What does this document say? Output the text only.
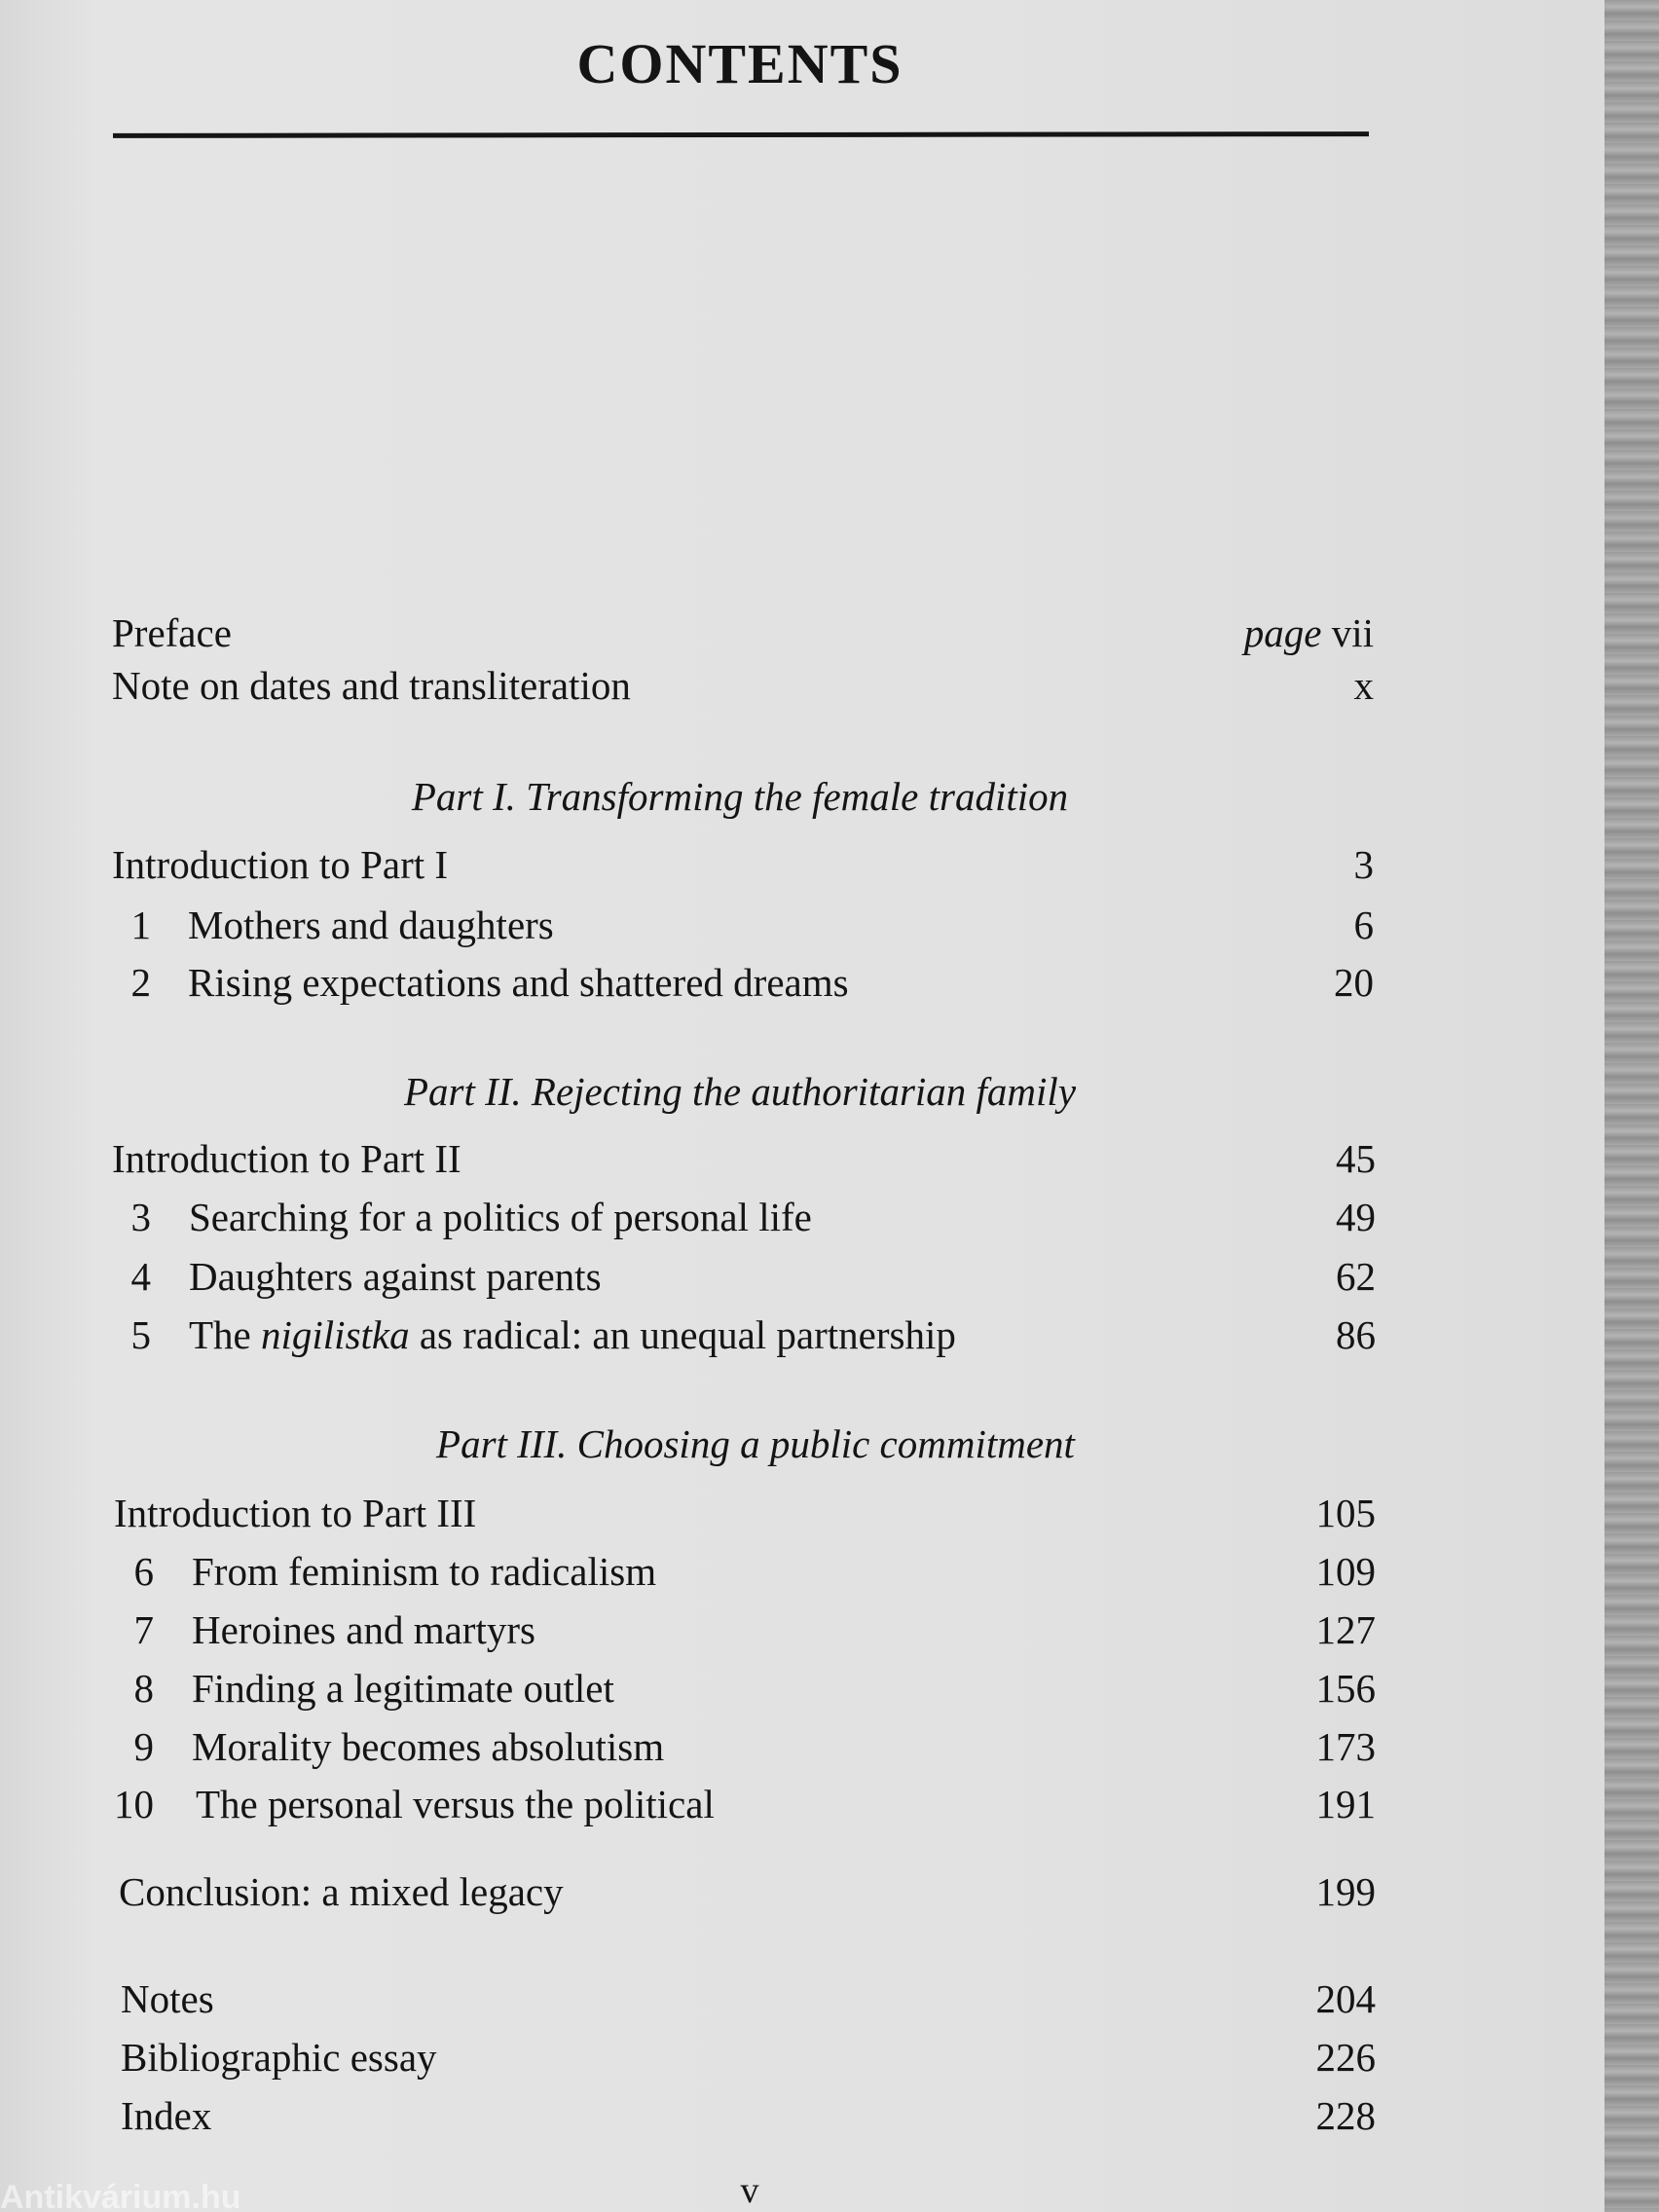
CONTENTS
Preface	page vii
Note on dates and transliteration	x
Part I. Transforming the female tradition
Introduction to Part I	3
1 Mothers and daughters	6
2 Rising expectations and shattered dreams	20
Part II. Rejecting the authoritarian family
Introduction to Part II	45
3 Searching for a politics of personal life	49
4 Daughters against parents	62
5 The nigilistka as radical: an unequal partnership	86
Part III. Choosing a public commitment
Introduction to Part III	105
6 From feminism to radicalism	109
7 Heroines and martyrs	127
8 Finding a legitimate outlet	156
9 Morality becomes absolutism	173
10 The personal versus the political	191
Conclusion: a mixed legacy	199
Notes	204
Bibliographic essay	226
Index	228
v
Antikvárium.hu
